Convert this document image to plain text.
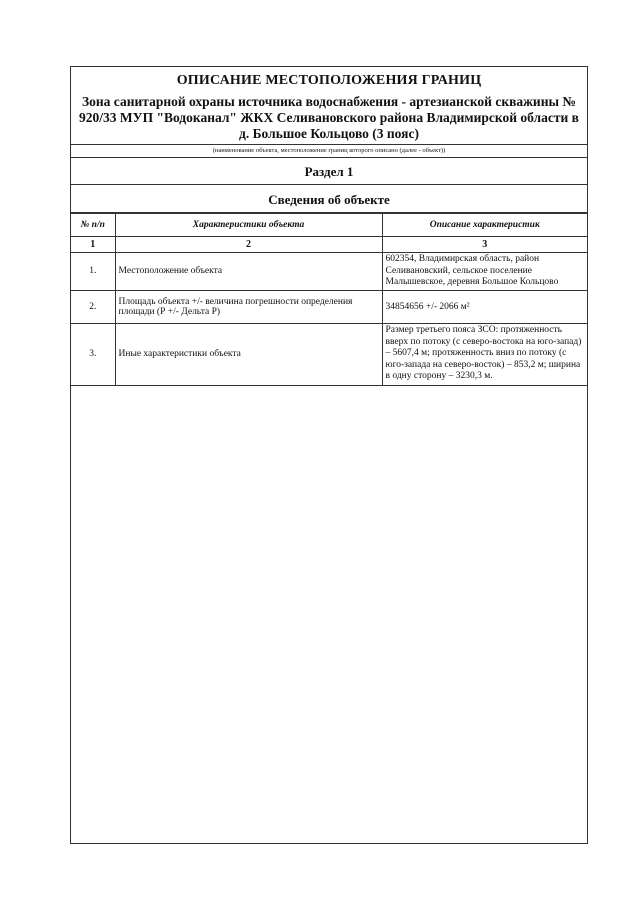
ОПИСАНИЕ МЕСТОПОЛОЖЕНИЯ ГРАНИЦ
Зона санитарной охраны источника водоснабжения - артезианской скважины № 920/33 МУП "Водоканал" ЖКХ Селивановского района Владимирской области в д. Большое Кольцово (3 пояс)
(наименование объекта, местоположение границ которого описано (далее - объект))
Раздел 1
Сведения об объекте
№ п/п	Характеристики объекта	Описание характеристик
1	2	3
1.	Местоположение объекта	602354, Владимирская область, район Селивановский, сельское поселение Малышевское, деревня Большое Кольцово
2.	Площадь объекта +/- величина погрешности определения площади (Р +/- Дельта Р)	34854656 +/- 2066 м²
3.	Иные характеристики объекта	Размер третьего пояса ЗСО: протяженность вверх по потоку (с северо-востока на юго-запад) – 5607,4 м; протяженность вниз по потоку (с юго-запада на северо-восток) – 853,2 м; ширина в одну сторону – 3230,3 м.
